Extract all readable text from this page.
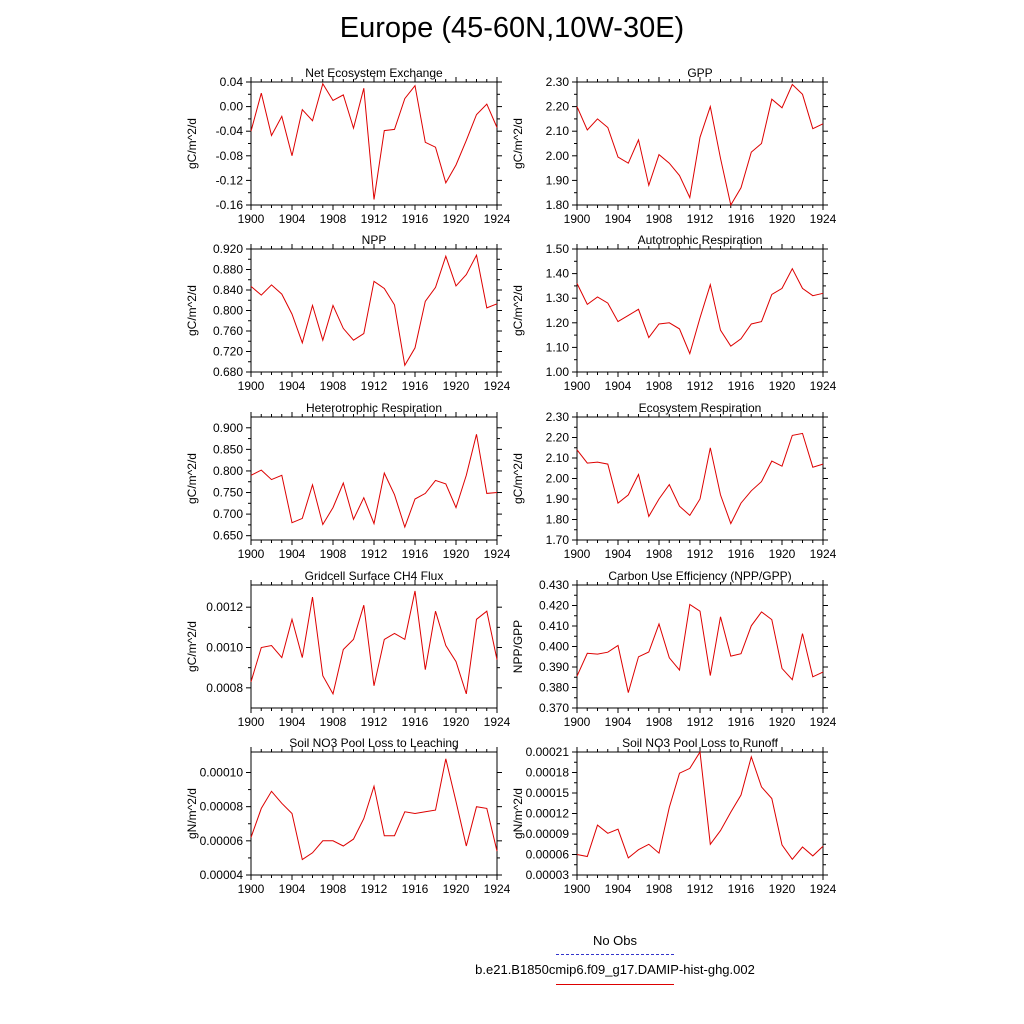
Europe (45-60N,10W-30E)
Net Ecosystem Exchange
0.04
0.00
-0.04
-0.08
-0.12
-0.16
1900 1904 1908 1912 1916 1920 1924
gC/m^2/d
GPP
2.30
2.20
2.10
2.00
1.90
1.80
1900 1904 1908 1912 1916 1920 1924
gC/m^2/d
NPP
0.920
0.880
0.840
0.800
0.760
0.720
0.680
1900 1904 1908 1912 1916 1920 1924
gC/m^2/d
Autotrophic Respiration
1.50
1.40
1.30
1.20
1.10
1.00
1900 1904 1908 1912 1916 1920 1924
gC/m^2/d
Heterotrophic Respiration
0.900
0.850
0.800
0.750
0.700
0.650
1900 1904 1908 1912 1916 1920 1924
gC/m^2/d
Ecosystem Respiration
2.30
2.20
2.10
2.00
1.90
1.80
1.70
1900 1904 1908 1912 1916 1920 1924
gC/m^2/d
Gridcell Surface CH4 Flux
0.0012
0.0010
0.0008
1900 1904 1908 1912 1916 1920 1924
gC/m^2/d
Carbon Use Efficiency (NPP/GPP)
0.430
0.420
0.410
0.400
0.390
0.380
0.370
1900 1904 1908 1912 1916 1920 1924
NPP/GPP
Soil NO3 Pool Loss to Leaching
0.00010
0.00008
0.00006
0.00004
1900 1904 1908 1912 1916 1920 1924
gN/m^2/d
Soil NO3 Pool Loss to Runoff
0.00021
0.00018
0.00015
0.00012
0.00009
0.00006
0.00003
1900 1904 1908 1912 1916 1920 1924
gN/m^2/d
No Obs
b.e21.B1850cmip6.f09_g17.DAMIP-hist-ghg.002
